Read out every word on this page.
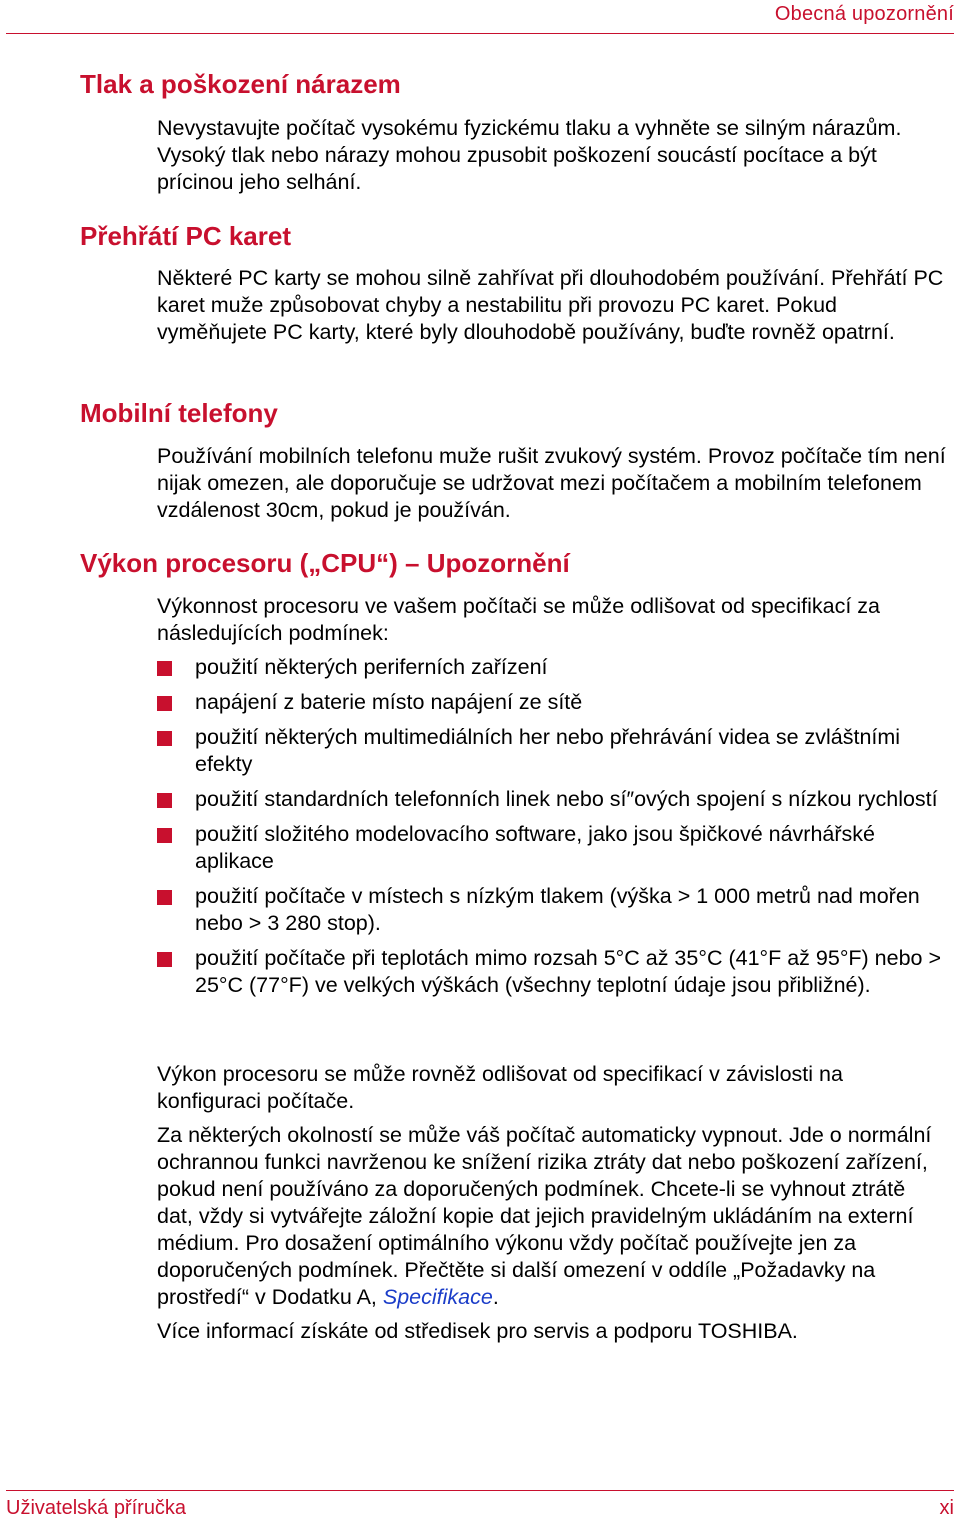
Obecná upozornění
Tlak a poškození nárazem

Nevystavujte počítač vysokému fyzickému tlaku a vyhněte se silným nárazům. Vysoký tlak nebo nárazy mohou zpusobit poškození soucástí pocítace a být prícinou jeho selhání.

Přehřátí PC karet

Některé PC karty se mohou silně zahřívat při dlouhodobém používání. Přehřátí PC karet muže způsobovat chyby a nestabilitu při provozu PC karet. Pokud vyměňujete PC karty, které byly dlouhodobě používány, buďte rovněž opatrní.

Mobilní telefony

Používání mobilních telefonu muže rušit zvukový systém. Provoz počítače tím není nijak omezen, ale doporučuje se udržovat mezi počítačem a mobilním telefonem vzdálenost 30cm, pokud je používán.

Výkon procesoru („CPU“) – Upozornění

Výkonnost procesoru ve vašem počítači se může odlišovat od specifikací za následujících podmínek:

použití některých periferních zařízení
napájení z baterie místo napájení ze sítě
použití některých multimediálních her nebo přehrávání videa se zvláštními efekty
použití standardních telefonních linek nebo sí″ových spojení s nízkou rychlostí
použití složitého modelovacího software, jako jsou špičkové návrhářské aplikace
použití počítače v místech s nízkým tlakem (výška > 1 000 metrů nad mořen nebo > 3 280 stop).
použití počítače při teplotách mimo rozsah 5°C až 35°C (41°F až 95°F) nebo > 25°C (77°F) ve velkých výškách (všechny teplotní údaje jsou přibližné).

Výkon procesoru se může rovněž odlišovat od specifikací v závislosti na konfiguraci počítače.

Za některých okolností se může váš počítač automaticky vypnout. Jde o normální ochrannou funkci navrženou ke snížení rizika ztráty dat nebo poškození zařízení, pokud není používáno za doporučených podmínek. Chcete-li se vyhnout ztrátě dat, vždy si vytvářejte záložní kopie dat jejich pravidelným ukládáním na externí médium. Pro dosažení optimálního výkonu vždy počítač používejte jen za doporučených podmínek. Přečtěte si další omezení v oddíle „Požadavky na prostředí“ v Dodatku A, Specifikace.

Více informací získáte od středisek pro servis a podporu TOSHIBA.

Uživatelská příručka	xi
